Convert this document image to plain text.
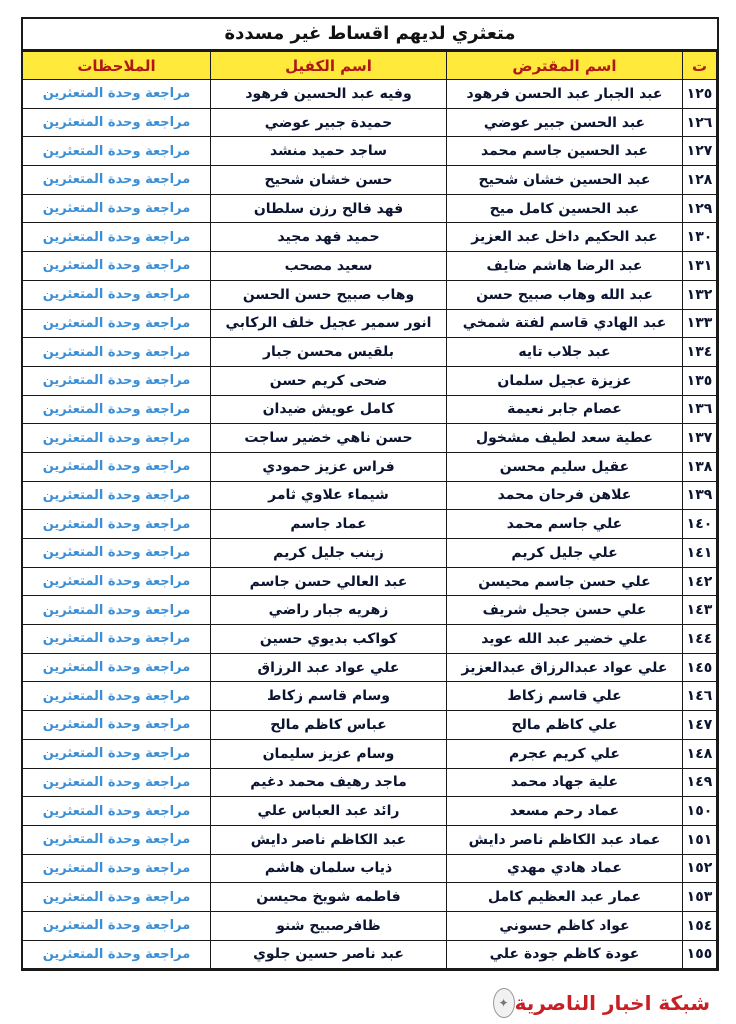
متعثري لديهم اقساط غير مسددة
ت	اسم المقترض	اسم الكفيل	الملاحظات
١٢٥	عبد الجبار عبد الحسن فرهود	وفيه عبد الحسين فرهود	مراجعة وحدة المتعثرين
١٢٦	عبد الحسن جبير عوضي	حميدة جبير عوضي	مراجعة وحدة المتعثرين
١٢٧	عبد الحسين جاسم محمد	ساجد حميد منشد	مراجعة وحدة المتعثرين
١٢٨	عبد الحسين خشان شحيح	حسن خشان شحيح	مراجعة وحدة المتعثرين
١٢٩	عبد الحسين كامل ميح	فهد فالح رزن سلطان	مراجعة وحدة المتعثرين
١٣٠	عبد الحكيم داخل عبد العزيز	حميد فهد مجيد	مراجعة وحدة المتعثرين
١٣١	عبد الرضا هاشم ضايف	سعيد مصحب	مراجعة وحدة المتعثرين
١٣٢	عبد الله وهاب صبيح حسن	وهاب صبيح حسن الحسن	مراجعة وحدة المتعثرين
١٣٣	عبد الهادي قاسم لفتة شمخي	انور سمير عجيل خلف الركابي	مراجعة وحدة المتعثرين
١٣٤	عبد جلاب تايه	بلقيس محسن جبار	مراجعة وحدة المتعثرين
١٣٥	عزيزة عجيل سلمان	ضحى كريم حسن	مراجعة وحدة المتعثرين
١٣٦	عصام جابر نعيمة	كامل عويش ضيدان	مراجعة وحدة المتعثرين
١٣٧	عطية سعد لطيف مشخول	حسن ناهي خضير ساجت	مراجعة وحدة المتعثرين
١٣٨	عقيل سليم محسن	فراس عزيز حمودي	مراجعة وحدة المتعثرين
١٣٩	علاهن فرحان محمد	شيماء علاوي ثامر	مراجعة وحدة المتعثرين
١٤٠	علي جاسم محمد	عماد جاسم	مراجعة وحدة المتعثرين
١٤١	علي جليل كريم	زينب جليل كريم	مراجعة وحدة المتعثرين
١٤٢	علي حسن جاسم محيسن	عبد العالي حسن جاسم	مراجعة وحدة المتعثرين
١٤٣	علي حسن جحيل شريف	زهريه جبار راضي	مراجعة وحدة المتعثرين
١٤٤	علي خضير عبد الله عويد	كواكب بديوي حسين	مراجعة وحدة المتعثرين
١٤٥	علي عواد عبدالرزاق عبدالعزيز	علي عواد عبد الرزاق	مراجعة وحدة المتعثرين
١٤٦	علي قاسم زكاط	وسام قاسم زكاط	مراجعة وحدة المتعثرين
١٤٧	علي كاظم مالح	عباس كاظم مالح	مراجعة وحدة المتعثرين
١٤٨	علي كريم عجرم	وسام عزيز سليمان	مراجعة وحدة المتعثرين
١٤٩	علية جهاد محمد	ماجد رهيف محمد دغيم	مراجعة وحدة المتعثرين
١٥٠	عماد رحم مسعد	رائد عبد العباس علي	مراجعة وحدة المتعثرين
١٥١	عماد عبد الكاظم ناصر دايش	عبد الكاظم ناصر دايش	مراجعة وحدة المتعثرين
١٥٢	عماد هادي مهدي	ذياب سلمان هاشم	مراجعة وحدة المتعثرين
١٥٣	عمار عبد العظيم كامل	فاطمه شويخ محيسن	مراجعة وحدة المتعثرين
١٥٤	عواد كاظم حسوني	ظافرصبيح شنو	مراجعة وحدة المتعثرين
١٥٥	عودة كاظم جودة علي	عبد ناصر حسين جلوي	مراجعة وحدة المتعثرين
شبكة اخبار الناصرية
✦
